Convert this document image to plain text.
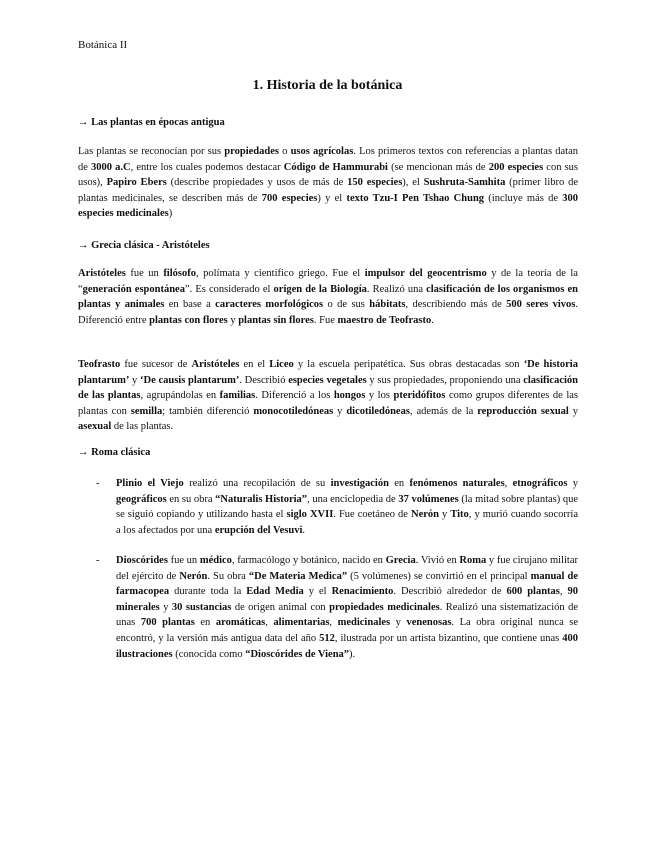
Botánica II
1. Historia de la botánica
→ Las plantas en épocas antigua

Las plantas se reconocían por sus propiedades o usos agrícolas. Los primeros textos con referencias a plantas datan de 3000 a.C, entre los cuales podemos destacar Código de Hammurabi (se mencionan más de 200 especies con sus usos), Papiro Ebers (describe propiedades y usos de más de 150 especies), el Sushruta-Samhita (primer libro de plantas medicinales, se describen más de 700 especies) y el texto Tzu-I Pen Tshao Chung (incluye más de 300 especies medicinales)

→ Grecia clásica - Aristóteles

Aristóteles fue un filósofo, polímata y científico griego. Fue el impulsor del geocentrismo y de la teoría de la “generación espontánea”. Es considerado el origen de la Biología. Realizó una clasificación de los organismos en plantas y animales en base a caracteres morfológicos o de sus hábitats, describiendo más de 500 seres vivos. Diferenció entre plantas con flores y plantas sin flores. Fue maestro de Teofrasto.

Teofrasto fue sucesor de Aristóteles en el Liceo y la escuela peripatética. Sus obras destacadas son ‘De historia plantarum’ y ‘De causis plantarum’. Describió especies vegetales y sus propiedades, proponiendo una clasificación de las plantas, agrupándolas en familias. Diferenció a los hongos y los pteridófitos como grupos diferentes de las plantas con semilla; también diferenció monocotiledóneas y dicotiledóneas, además de la reproducción sexual y asexual de las plantas.

→ Roma clásica
- Plinio el Viejo realizó una recopilación de su investigación en fenómenos naturales, etnográficos y geográficos en su obra “Naturalis Historia”, una enciclopedia de 37 volúmenes (la mitad sobre plantas) que se siguió copiando y utilizando hasta el siglo XVII. Fue coetáneo de Nerón y Tito, y murió cuando socorría a los afectados por una erupción del Vesuvi.

- Dioscórides fue un médico, farmacólogo y botánico, nacido en Grecia. Vivió en Roma y fue cirujano militar del ejército de Nerón. Su obra “De Materia Medica” (5 volúmenes) se convirtió en el principal manual de farmacopea durante toda la Edad Media y el Renacimiento. Describió alrededor de 600 plantas, 90 minerales y 30 sustancias de origen animal con propiedades medicinales. Realizó una sistematización de unas 700 plantas en aromáticas, alimentarias, medicinales y venenosas. La obra original nunca se encontró, y la versión más antigua data del año 512, ilustrada por un artista bizantino, que contiene unas 400 ilustraciones (conocida como “Dioscórides de Viena”).
